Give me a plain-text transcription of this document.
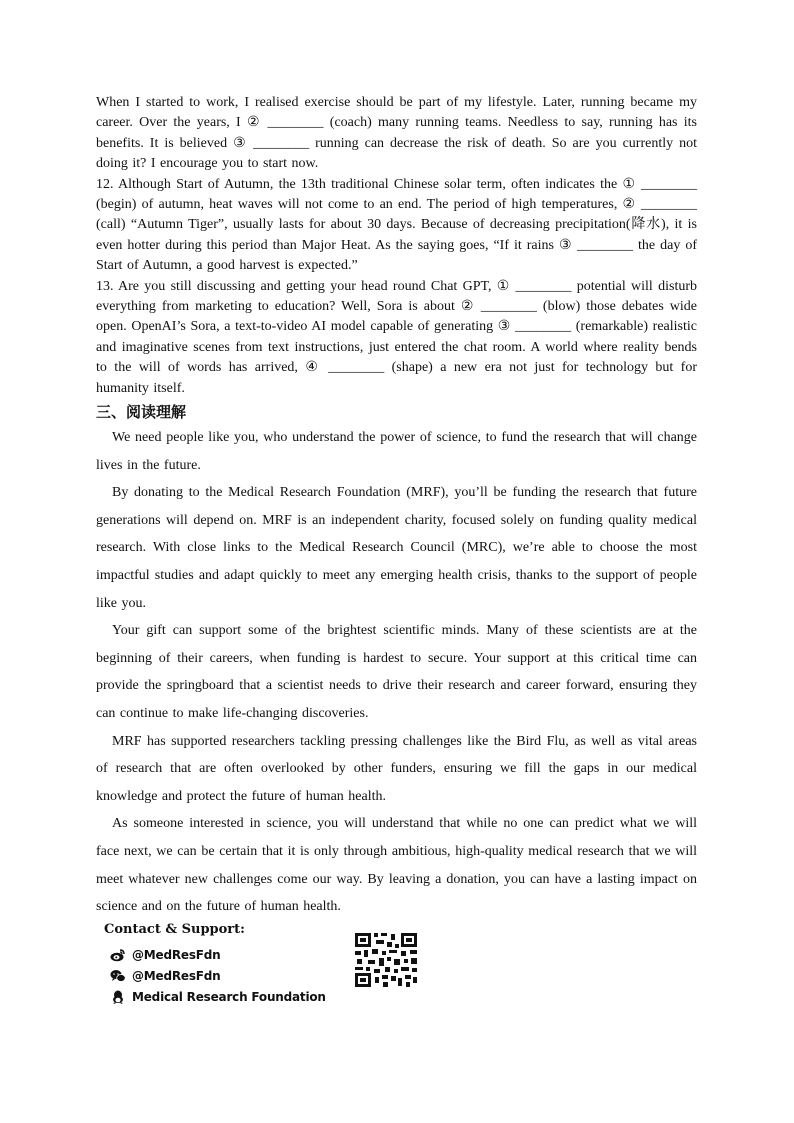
When I started to work, I realised exercise should be part of my lifestyle. Later, running became my career. Over the years, I ② ________ (coach) many running teams. Needless to say, running has its benefits. It is believed ③ ________ running can decrease the risk of death. So are you currently not doing it? I encourage you to start now.

12. Although Start of Autumn, the 13th traditional Chinese solar term, often indicates the ① ________ (begin) of autumn, heat waves will not come to an end. The period of high temperatures, ② ________ (call) “Autumn Tiger”, usually lasts for about 30 days. Because of decreasing precipitation(降水), it is even hotter during this period than Major Heat. As the saying goes, “If it rains ③ ________ the day of Start of Autumn, a good harvest is expected.”

13. Are you still discussing and getting your head round Chat GPT, ① ________ potential will disturb everything from marketing to education? Well, Sora is about ② ________ (blow) those debates wide open. OpenAI’s Sora, a text-to-video AI model capable of generating ③ ________ (remarkable) realistic and imaginative scenes from text instructions, just entered the chat room. A world where reality bends to the will of words has arrived, ④ ________ (shape) a new era not just for technology but for humanity itself.

三、阅读理解

We need people like you, who understand the power of science, to fund the research that will change lives in the future.

By donating to the Medical Research Foundation (MRF), you’ll be funding the research that future generations will depend on. MRF is an independent charity, focused solely on funding quality medical research. With close links to the Medical Research Council (MRC), we’re able to choose the most impactful studies and adapt quickly to meet any emerging health crisis, thanks to the support of people like you.

Your gift can support some of the brightest scientific minds. Many of these scientists are at the beginning of their careers, when funding is hardest to secure. Your support at this critical time can provide the springboard that a scientist needs to drive their research and career forward, ensuring they can continue to make life-changing discoveries.

MRF has supported researchers tackling pressing challenges like the Bird Flu, as well as vital areas of research that are often overlooked by other funders, ensuring we fill the gaps in our medical knowledge and protect the future of human health.

As someone interested in science, you will understand that while no one can predict what we will face next, we can be certain that it is only through ambitious, high-quality medical research that we will meet whatever new challenges come our way. By leaving a donation, you can have a lasting impact on science and on the future of human health.

Contact & Support:
@MedResFdn
@MedResFdn
Medical Research Foundation
